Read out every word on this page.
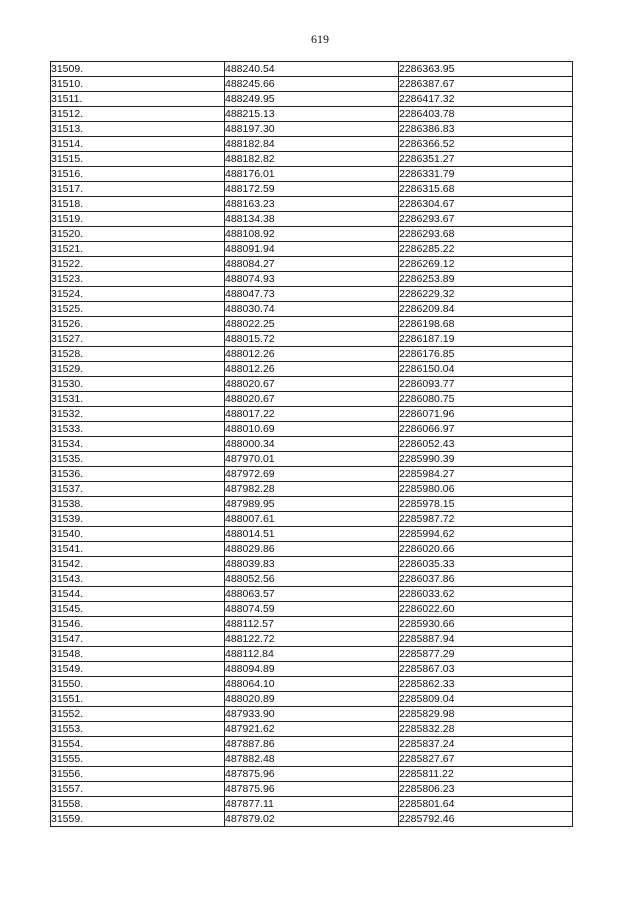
619
31509.	488240.54	2286363.95
31510.	488245.66	2286387.67
31511.	488249.95	2286417.32
31512.	488215.13	2286403.78
31513.	488197.30	2286386.83
31514.	488182.84	2286366.52
31515.	488182.82	2286351.27
31516.	488176.01	2286331.79
31517.	488172.59	2286315.68
31518.	488163.23	2286304.67
31519.	488134.38	2286293.67
31520.	488108.92	2286293.68
31521.	488091.94	2286285.22
31522.	488084.27	2286269.12
31523.	488074.93	2286253.89
31524.	488047.73	2286229.32
31525.	488030.74	2286209.84
31526.	488022.25	2286198.68
31527.	488015.72	2286187.19
31528.	488012.26	2286176.85
31529.	488012.26	2286150.04
31530.	488020.67	2286093.77
31531.	488020.67	2286080.75
31532.	488017.22	2286071.96
31533.	488010.69	2286066.97
31534.	488000.34	2286052.43
31535.	487970.01	2285990.39
31536.	487972.69	2285984.27
31537.	487982.28	2285980.06
31538.	487989.95	2285978.15
31539.	488007.61	2285987.72
31540.	488014.51	2285994.62
31541.	488029.86	2286020.66
31542.	488039.83	2286035.33
31543.	488052.56	2286037.86
31544.	488063.57	2286033.62
31545.	488074.59	2286022.60
31546.	488112.57	2285930.66
31547.	488122.72	2285887.94
31548.	488112.84	2285877.29
31549.	488094.89	2285867.03
31550.	488064.10	2285862.33
31551.	488020.89	2285809.04
31552.	487933.90	2285829.98
31553.	487921.62	2285832.28
31554.	487887.86	2285837.24
31555.	487882.48	2285827.67
31556.	487875.96	2285811.22
31557.	487875.96	2285806.23
31558.	487877.11	2285801.64
31559.	487879.02	2285792.46
